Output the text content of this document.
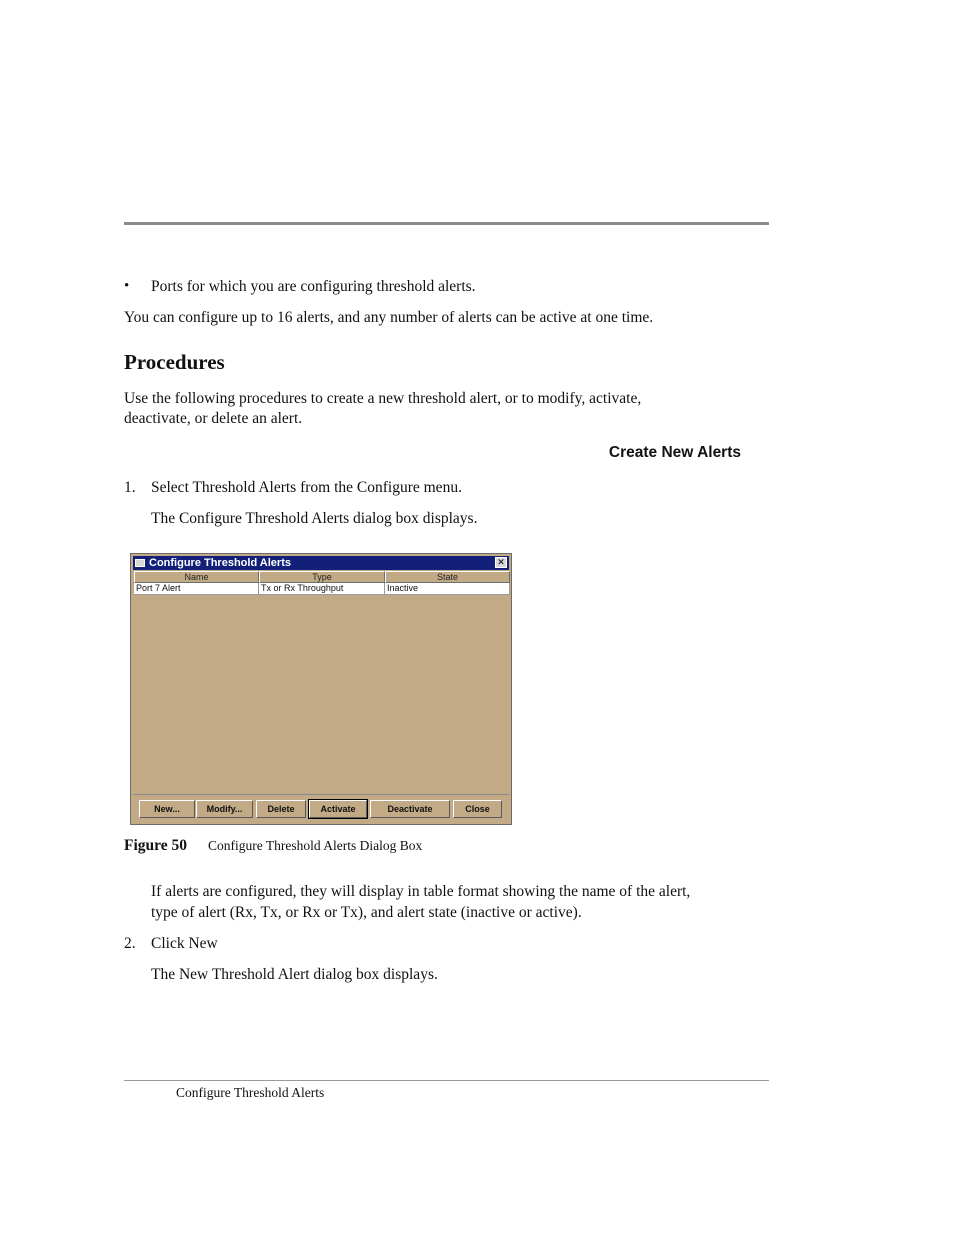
• Ports for which you are configuring threshold alerts.
You can configure up to 16 alerts, and any number of alerts can be active at one time.
Procedures
Use the following procedures to create a new threshold alert, or to modify, activate,
deactivate, or delete an alert.
Create New Alerts
1. Select Threshold Alerts from the Configure menu.
The Configure Threshold Alerts dialog box displays.
Configure Threshold Alerts	✕
Name	Type	State
Port 7 Alert	Tx or Rx Throughput	Inactive
New...	Modify...	Delete	Activate	Deactivate	Close
Figure 50 Configure Threshold Alerts Dialog Box
If alerts are configured, they will display in table format showing the name of the alert,
type of alert (Rx, Tx, or Rx or Tx), and alert state (inactive or active).
2. Click New
The New Threshold Alert dialog box displays.
Configure Threshold Alerts
